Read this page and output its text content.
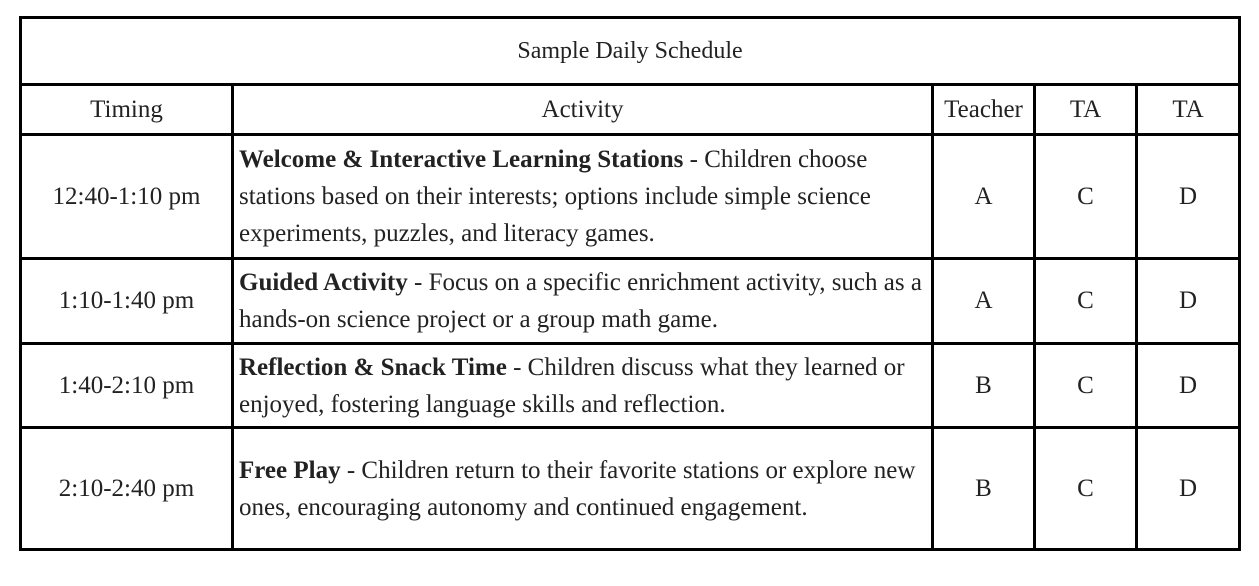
Sample Daily Schedule				
Timing	Activity	Teacher	TA	TA
12:40-1:10 pm	Welcome & Interactive Learning Stations - Children choose stations based on their interests; options include simple science experiments, puzzles, and literacy games.	A	C	D
1:10-1:40 pm	Guided Activity - Focus on a specific enrichment activity, such as a hands-on science project or a group math game.	A	C	D
1:40-2:10 pm	Reflection & Snack Time - Children discuss what they learned or enjoyed, fostering language skills and reflection.	B	C	D
2:10-2:40 pm	Free Play - Children return to their favorite stations or explore new ones, encouraging autonomy and continued engagement.	B	C	D
